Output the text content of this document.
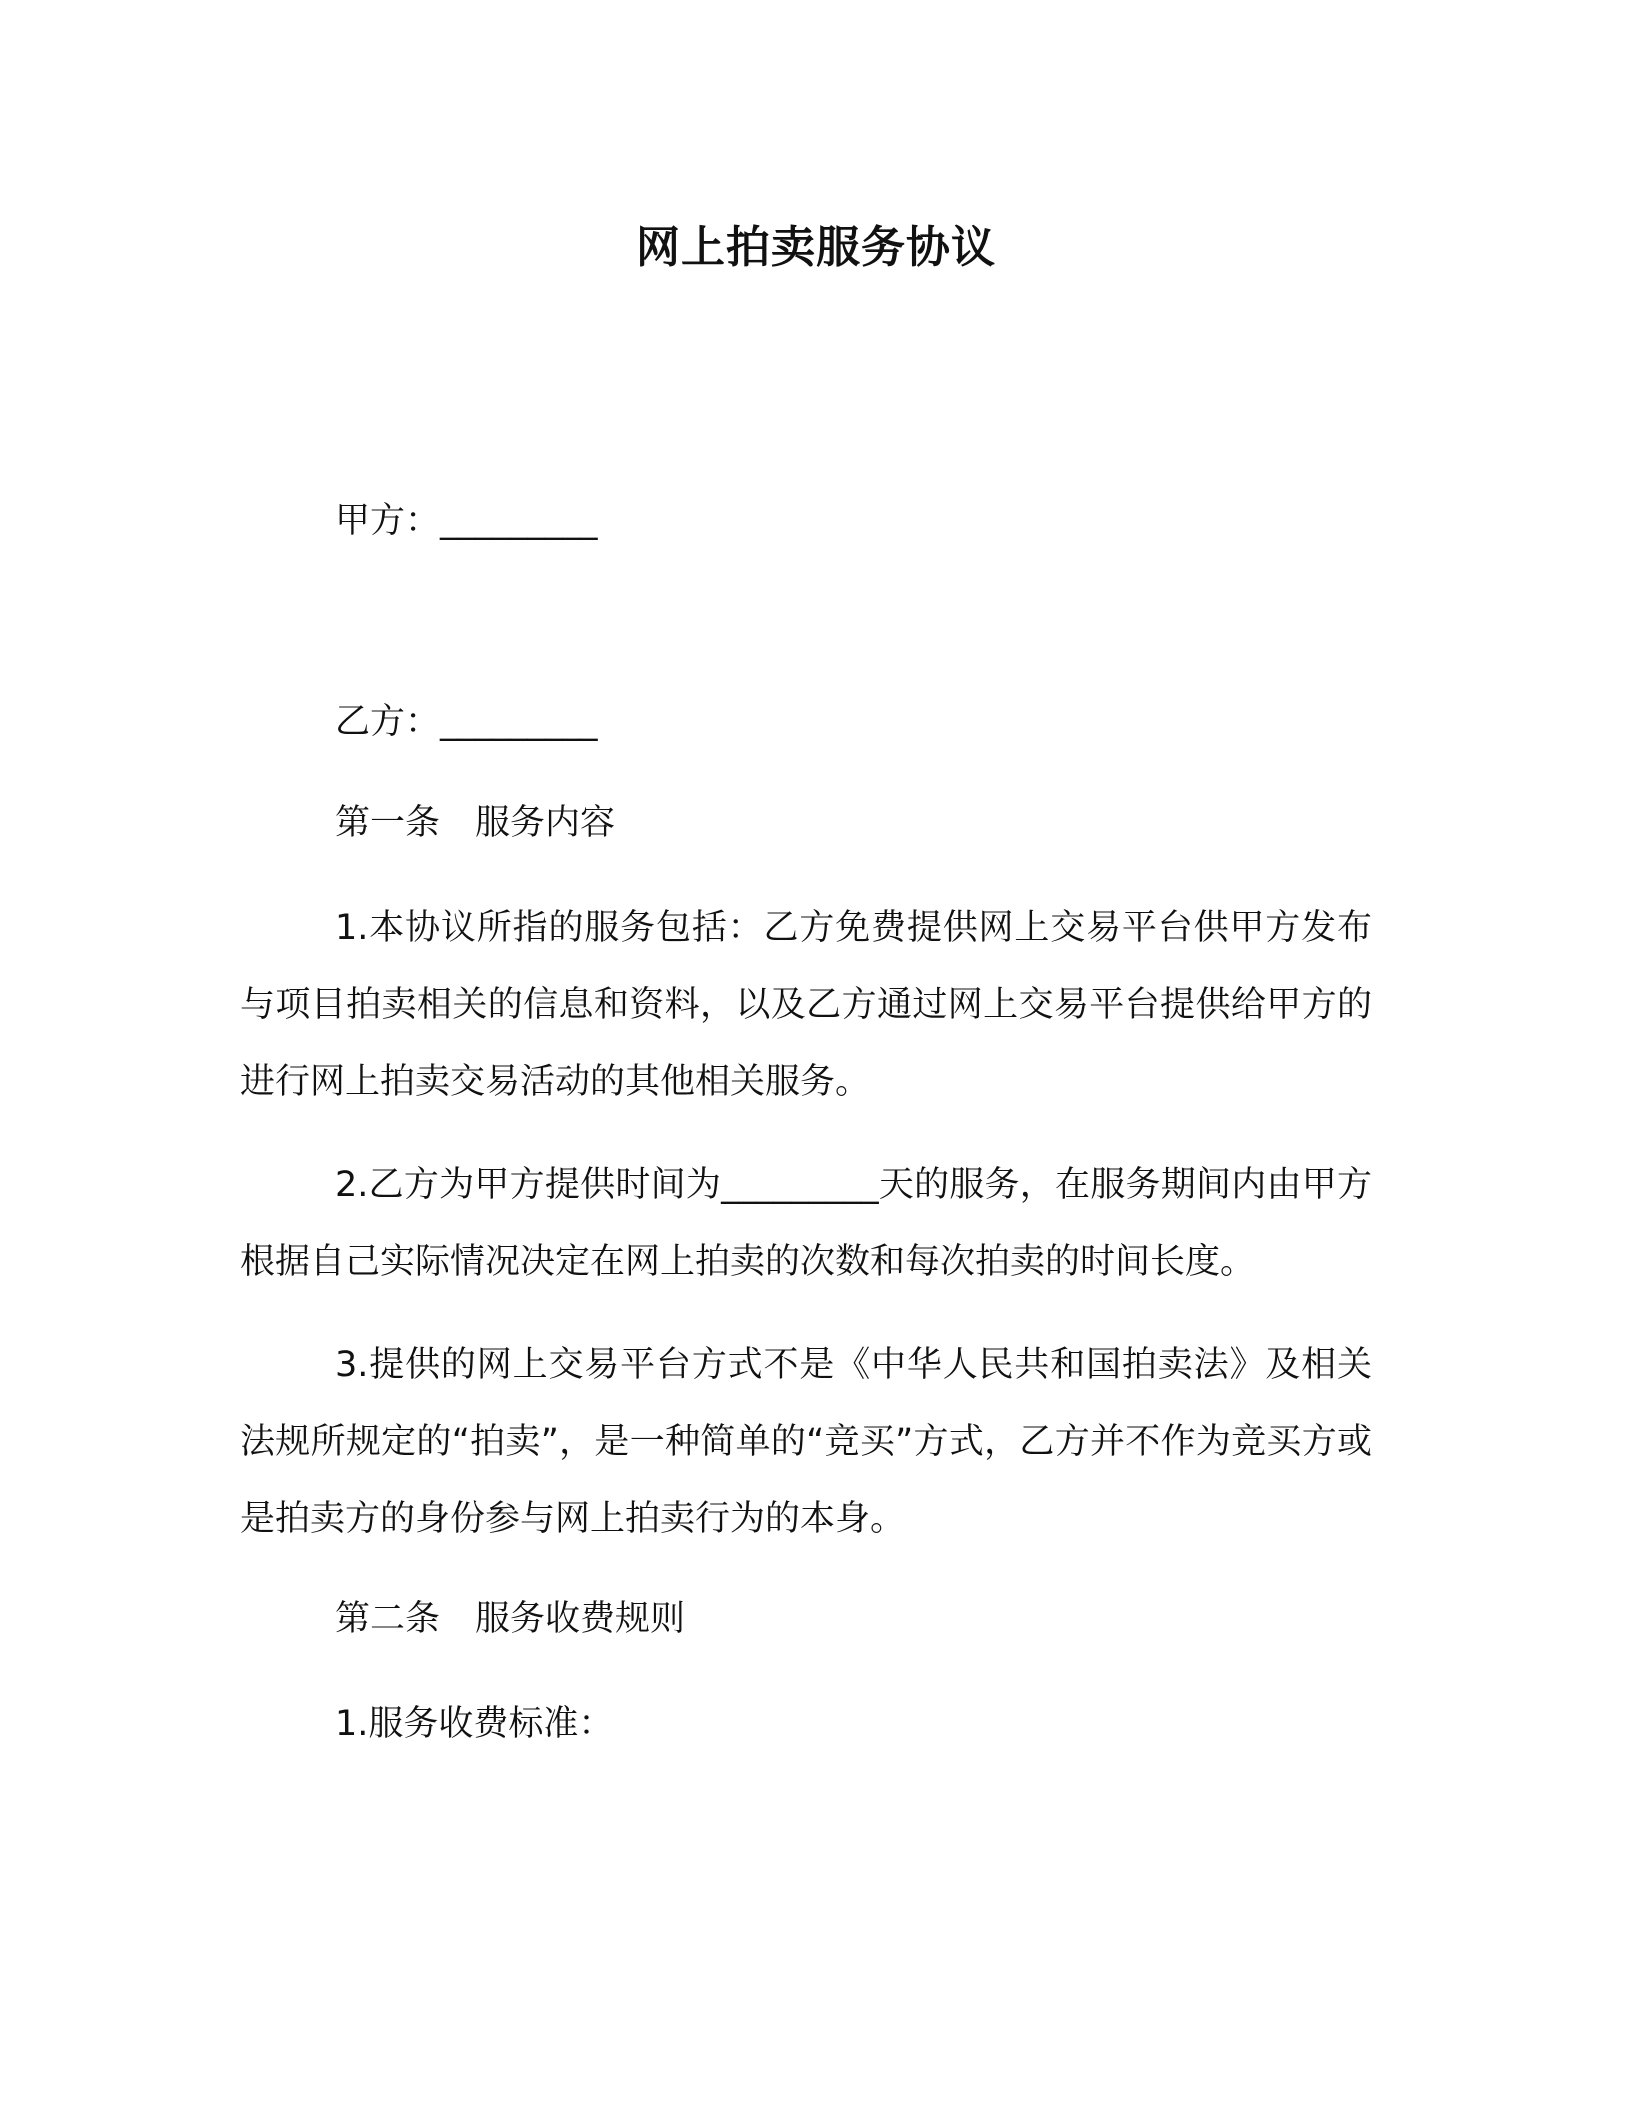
网上拍卖服务协议
甲方：_________
乙方：_________
第一条　服务内容
1.本协议所指的服务包括：乙方免费提供网上交易平台供甲方发布与项目拍卖相关的信息和资料，以及乙方通过网上交易平台提供给甲方的进行网上拍卖交易活动的其他相关服务。
2.乙方为甲方提供时间为_________天的服务，在服务期间内由甲方根据自己实际情况决定在网上拍卖的次数和每次拍卖的时间长度。
3.提供的网上交易平台方式不是《中华人民共和国拍卖法》及相关法规所规定的“拍卖”，是一种简单的“竞买”方式，乙方并不作为竞买方或是拍卖方的身份参与网上拍卖行为的本身。
第二条　服务收费规则
1.服务收费标准：
